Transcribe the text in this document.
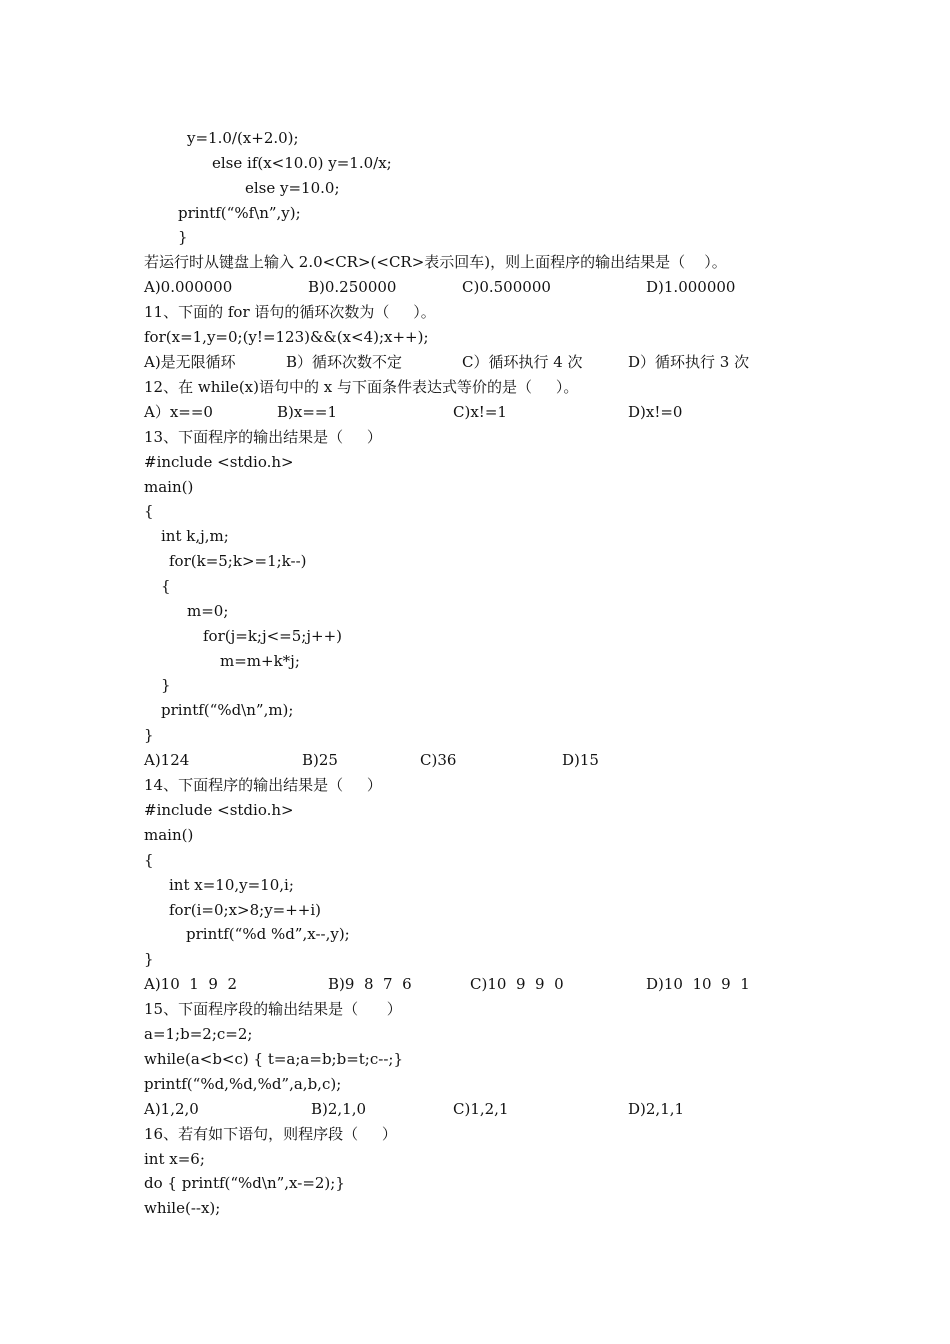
y=1.0/(x+2.0);
else if(x<10.0) y=1.0/x;
else y=10.0;
printf(“%f\n”,y);
}
若运行时从键盘上输入 2.0<CR>(<CR>表示回车)，则上面程序的输出结果是（    ）。
A)0.000000	B)0.250000	C)0.500000	D)1.000000
11、下面的 for 语句的循环次数为（     ）。
for(x=1,y=0;(y!=123)&&(x<4);x++);
A)是无限循环	B）循环次数不定	C）循环执行 4 次	D）循环执行 3 次
12、在 while(x)语句中的 x 与下面条件表达式等价的是（     ）。
A）x==0	B)x==1	C)x!=1	D)x!=0
13、下面程序的输出结果是（     ）
#include <stdio.h>
main()
{
int k,j,m;
for(k=5;k>=1;k--)
{
m=0;
for(j=k;j<=5;j++)
m=m+k*j;
}
printf(“%d\n”,m);
}
A)124	B)25	C)36	D)15
14、下面程序的输出结果是（     ）
#include <stdio.h>
main()
{
int x=10,y=10,i;
for(i=0;x>8;y=++i)
printf(“%d %d”,x--,y);
}
A)10  1  9  2	B)9  8  7  6	C)10  9  9  0	D)10  10  9  1
15、下面程序段的输出结果是（      ）
a=1;b=2;c=2;
while(a<b<c) { t=a;a=b;b=t;c--;}
printf(“%d,%d,%d”,a,b,c);
A)1,2,0	B)2,1,0	C)1,2,1	D)2,1,1
16、若有如下语句，则程序段（     ）
int x=6;
do { printf(“%d\n”,x-=2);}
while(--x);
